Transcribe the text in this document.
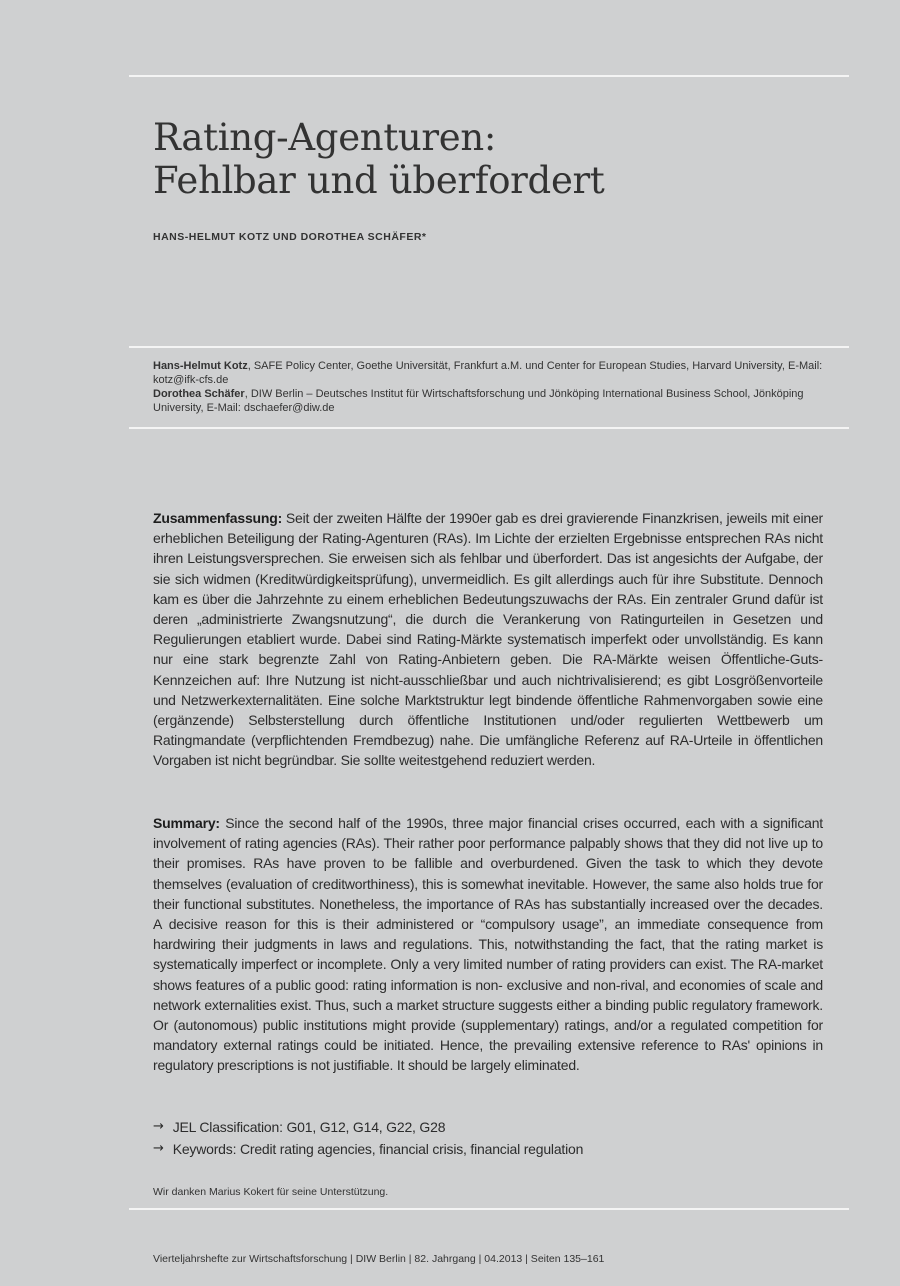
Rating-Agenturen:
Fehlbar und überfordert
HANS-HELMUT KOTZ UND DOROTHEA SCHÄFER*

Hans-Helmut Kotz, SAFE Policy Center, Goethe Universität, Frankfurt a.M. und Center for European Studies, Harvard University, E-Mail: kotz@ifk-cfs.de

Dorothea Schäfer, DIW Berlin – Deutsches Institut für Wirtschaftsforschung und Jönköping International Business School, Jönköping University, E-Mail: dschaefer@diw.de

Zusammenfassung: Seit der zweiten Hälfte der 1990er gab es drei gravierende Finanzkrisen, jeweils mit einer erheblichen Beteiligung der Rating-Agenturen (RAs). Im Lichte der erzielten Ergebnisse entsprechen RAs nicht ihren Leistungsversprechen. Sie erweisen sich als fehlbar und überfordert. Das ist angesichts der Aufgabe, der sie sich widmen (Kreditwürdigkeitsprüfung), unvermeidlich. Es gilt allerdings auch für ihre Substitute. Dennoch kam es über die Jahrzehnte zu einem erheblichen Bedeutungszuwachs der RAs. Ein zentraler Grund dafür ist deren „administrierte Zwangsnutzung“, die durch die Verankerung von Ratingurteilen in Gesetzen und Regulierungen etabliert wurde. Dabei sind Rating-Märkte systematisch imperfekt oder unvollständig. Es kann nur eine stark begrenzte Zahl von Rating-Anbietern geben. Die RA-Märkte weisen Öffentliche-Guts-Kennzeichen auf: Ihre Nutzung ist nicht-ausschließbar und auch nichtrivalisierend; es gibt Losgrößenvorteile und Netzwerkexternalitäten. Eine solche Marktstruktur legt bindende öffentliche Rahmenvorgaben sowie eine (ergänzende) Selbsterstellung durch öffentliche Institutionen und/oder regulierten Wettbewerb um Ratingmandate (verpflichtenden Fremdbezug) nahe. Die umfängliche Referenz auf RA-Urteile in öffentlichen Vorgaben ist nicht begründbar. Sie sollte weitestgehend reduziert werden.

Summary: Since the second half of the 1990s, three major financial crises occurred, each with a significant involvement of rating agencies (RAs). Their rather poor performance palpably shows that they did not live up to their promises. RAs have proven to be fallible and overburdened. Given the task to which they devote themselves (evaluation of creditworthiness), this is somewhat inevitable. However, the same also holds true for their functional substitutes. Nonetheless, the importance of RAs has substantially increased over the decades. A decisive reason for this is their administered or “compulsory usage”, an immediate consequence from hardwiring their judgments in laws and regulations. This, notwithstanding the fact, that the rating market is systematically imperfect or incomplete. Only a very limited number of rating providers can exist. The RA-market shows features of a public good: rating information is non- exclusive and non-rival, and economies of scale and network externalities exist. Thus, such a market structure suggests either a binding public regulatory framework. Or (autonomous) public institutions might provide (supplementary) ratings, and/or a regulated competition for mandatory external ratings could be initiated. Hence, the prevailing extensive reference to RAs' opinions in regulatory prescriptions is not justifiable. It should be largely eliminated.

→ JEL Classification: G01, G12, G14, G22, G28
→ Keywords: Credit rating agencies, financial crisis, financial regulation
Wir danken Marius Kokert für seine Unterstützung.
Vierteljahrshefte zur Wirtschaftsforschung | DIW Berlin | 82. Jahrgang | 04.2013 | Seiten 135–161
